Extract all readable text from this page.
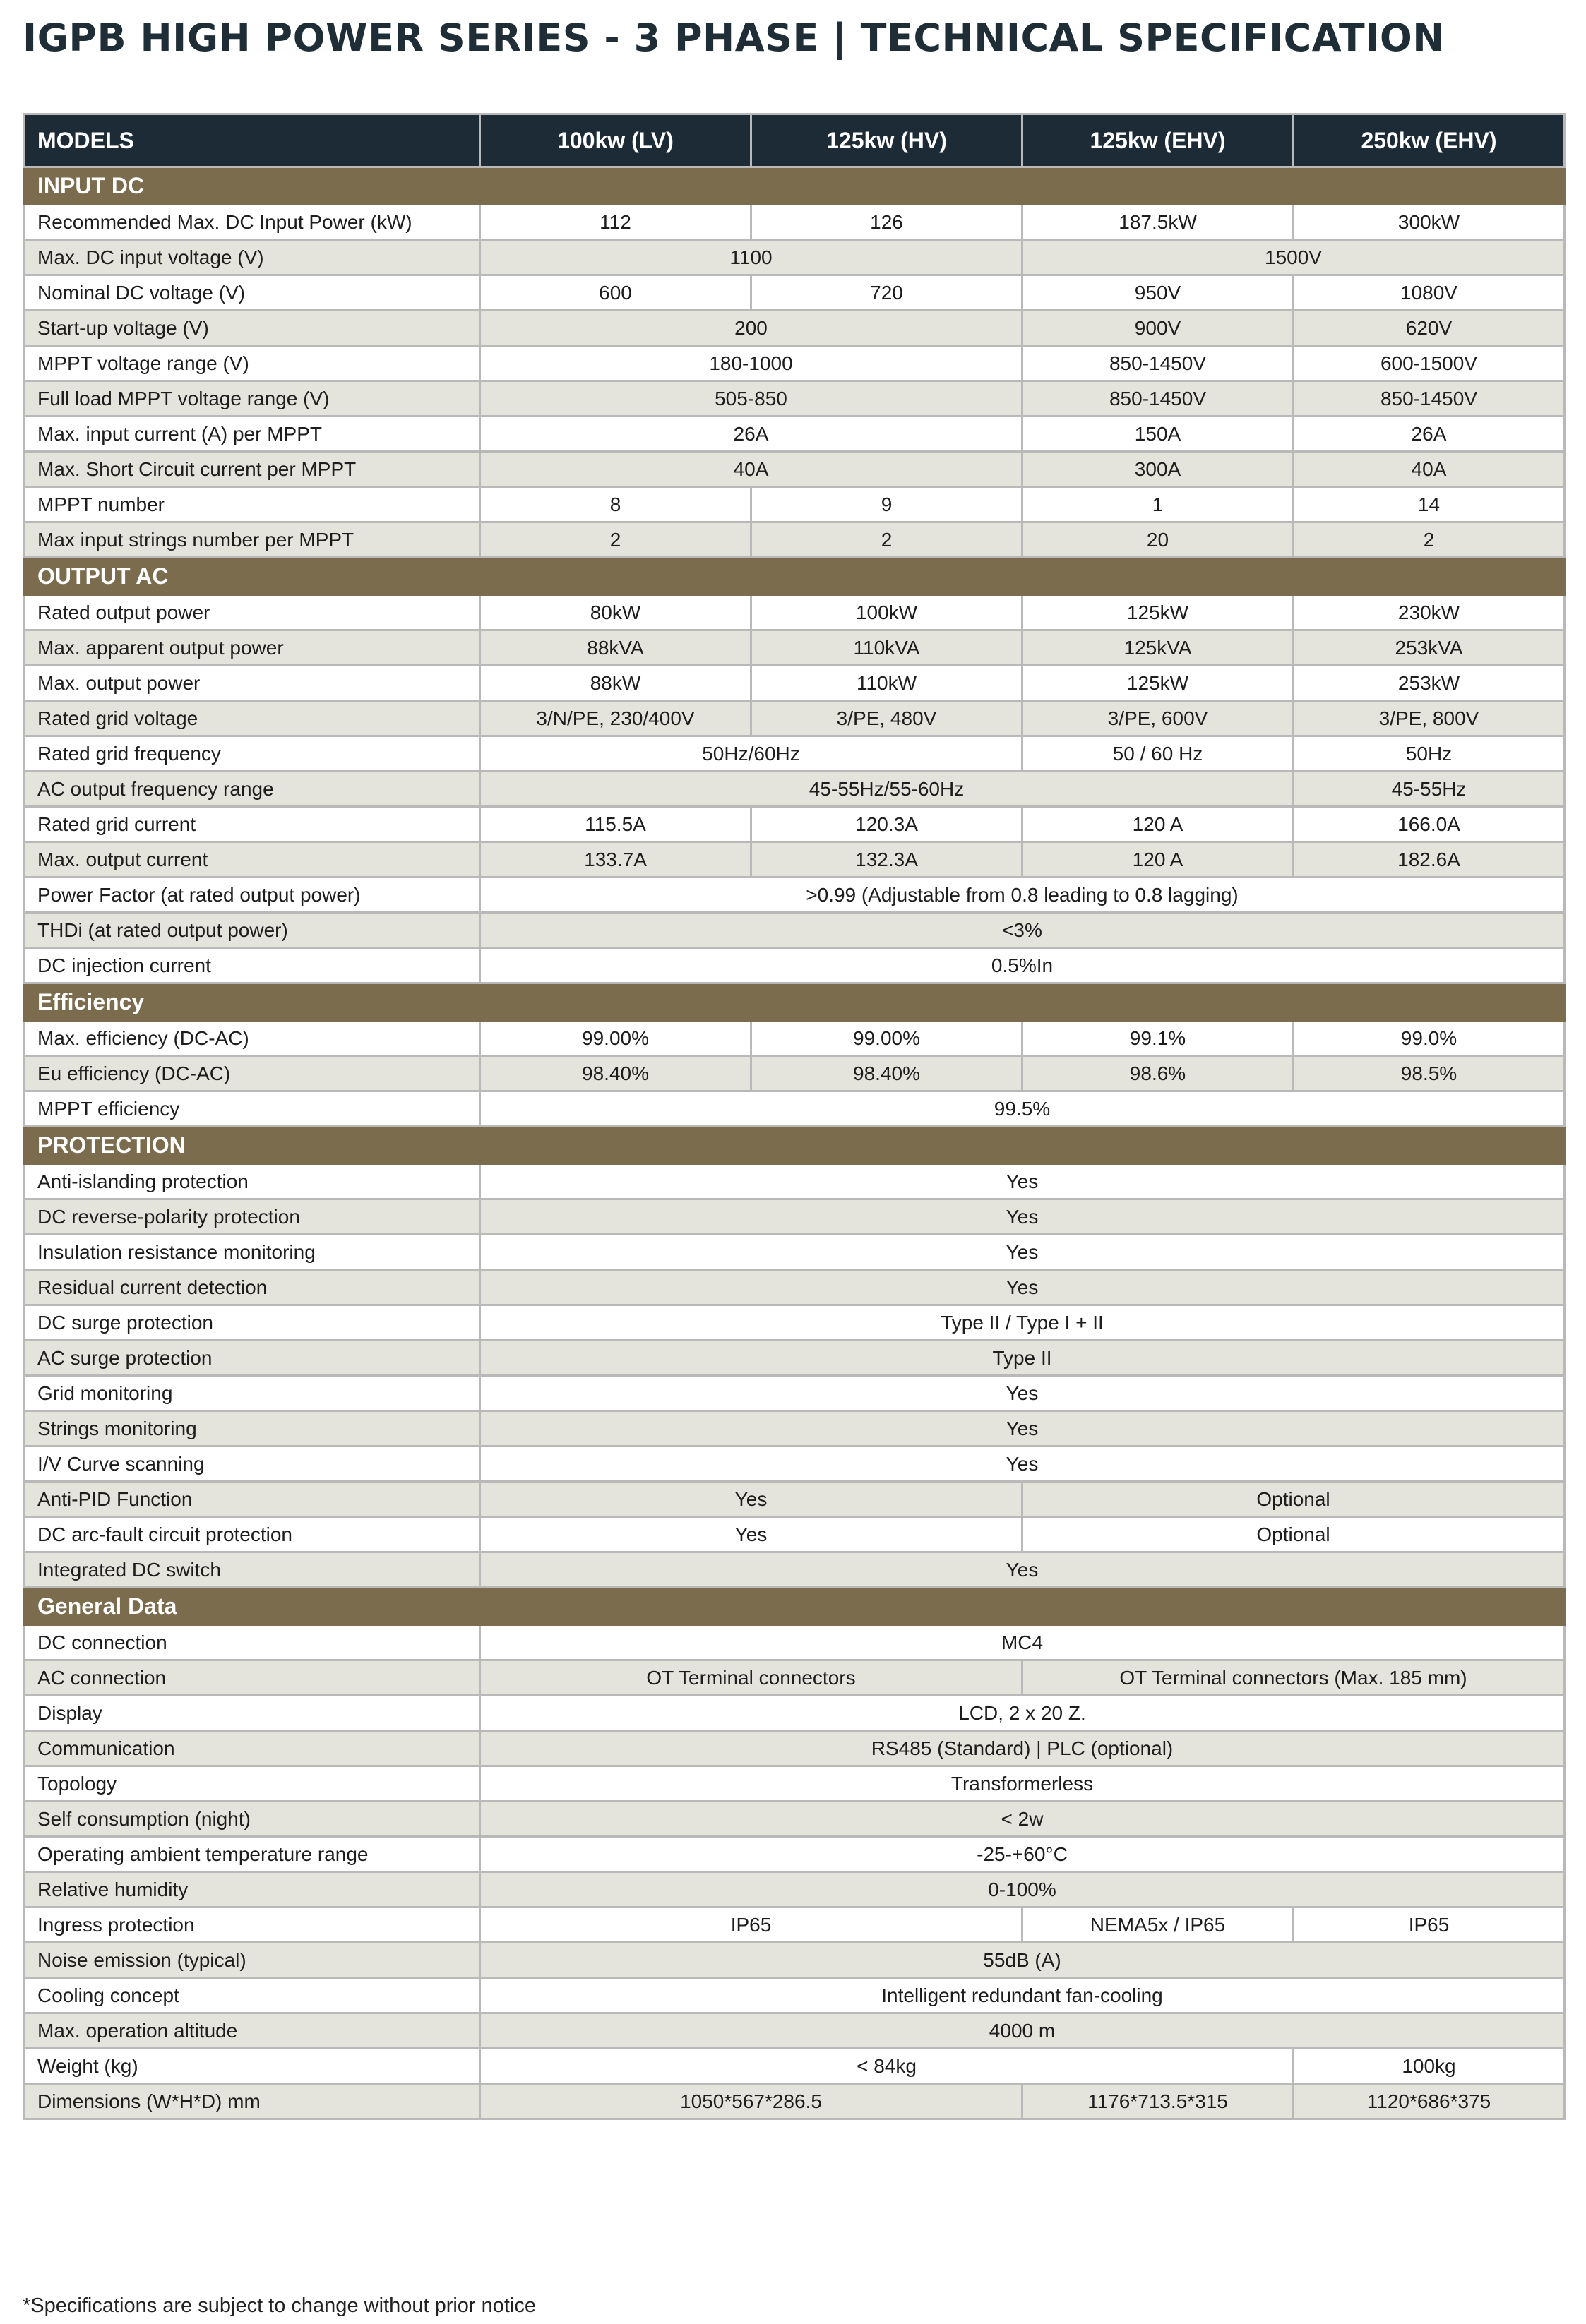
IGPB HIGH POWER SERIES - 3 PHASE | TECHNICAL SPECIFICATION
MODELS	100kw (LV)	125kw (HV)	125kw (EHV)	250kw (EHV)
INPUT DC				
Recommended Max. DC Input Power (kW)	112	126	187.5kW	300kW
Max. DC input voltage (V)	1100		1500V	
Nominal DC voltage (V)	600	720	950V	1080V
Start-up voltage (V)	200		900V	620V
MPPT voltage range (V)	180-1000		850-1450V	600-1500V
Full load MPPT voltage range (V)	505-850		850-1450V	850-1450V
Max. input current (A) per MPPT	26A		150A	26A
Max. Short Circuit current per MPPT	40A		300A	40A
MPPT number	8	9	1	14
Max input strings number per MPPT	2	2	20	2
OUTPUT AC				
Rated output power	80kW	100kW	125kW	230kW
Max. apparent output power	88kVA	110kVA	125kVA	253kVA
Max. output power	88kW	110kW	125kW	253kW
Rated grid voltage	3/N/PE, 230/400V	3/PE, 480V	3/PE, 600V	3/PE, 800V
Rated grid frequency	50Hz/60Hz		50 / 60 Hz	50Hz
AC output frequency range	45-55Hz/55-60Hz			45-55Hz
Rated grid current	115.5A	120.3A	120 A	166.0A
Max. output current	133.7A	132.3A	120 A	182.6A
Power Factor (at rated output power)	>0.99 (Adjustable from 0.8 leading to 0.8 lagging)			
THDi (at rated output power)	<3%			
DC injection current	0.5%In			
Efficiency				
Max. efficiency (DC-AC)	99.00%	99.00%	99.1%	99.0%
Eu efficiency (DC-AC)	98.40%	98.40%	98.6%	98.5%
MPPT efficiency	99.5%			
PROTECTION				
Anti-islanding protection	Yes			
DC reverse-polarity protection	Yes			
Insulation resistance monitoring	Yes			
Residual current detection	Yes			
DC surge protection	Type II / Type I + II			
AC surge protection	Type II			
Grid monitoring	Yes			
Strings monitoring	Yes			
I/V Curve scanning	Yes			
Anti-PID Function	Yes		Optional	
DC arc-fault circuit protection	Yes		Optional	
Integrated DC switch	Yes			
General Data				
DC connection	MC4			
AC connection	OT Terminal connectors		OT Terminal connectors (Max. 185 mm)	
Display	LCD, 2 x 20 Z.			
Communication	RS485 (Standard) | PLC (optional)			
Topology	Transformerless			
Self consumption (night)	< 2w			
Operating ambient temperature range	-25-+60°C			
Relative humidity	0-100%			
Ingress protection	IP65		NEMA5x / IP65	IP65
Noise emission (typical)	55dB (A)			
Cooling concept	Intelligent redundant fan-cooling			
Max. operation altitude	4000 m			
Weight (kg)	< 84kg			100kg
Dimensions (W*H*D) mm	1050*567*286.5		1176*713.5*315	1120*686*375
*Specifications are subject to change without prior notice
